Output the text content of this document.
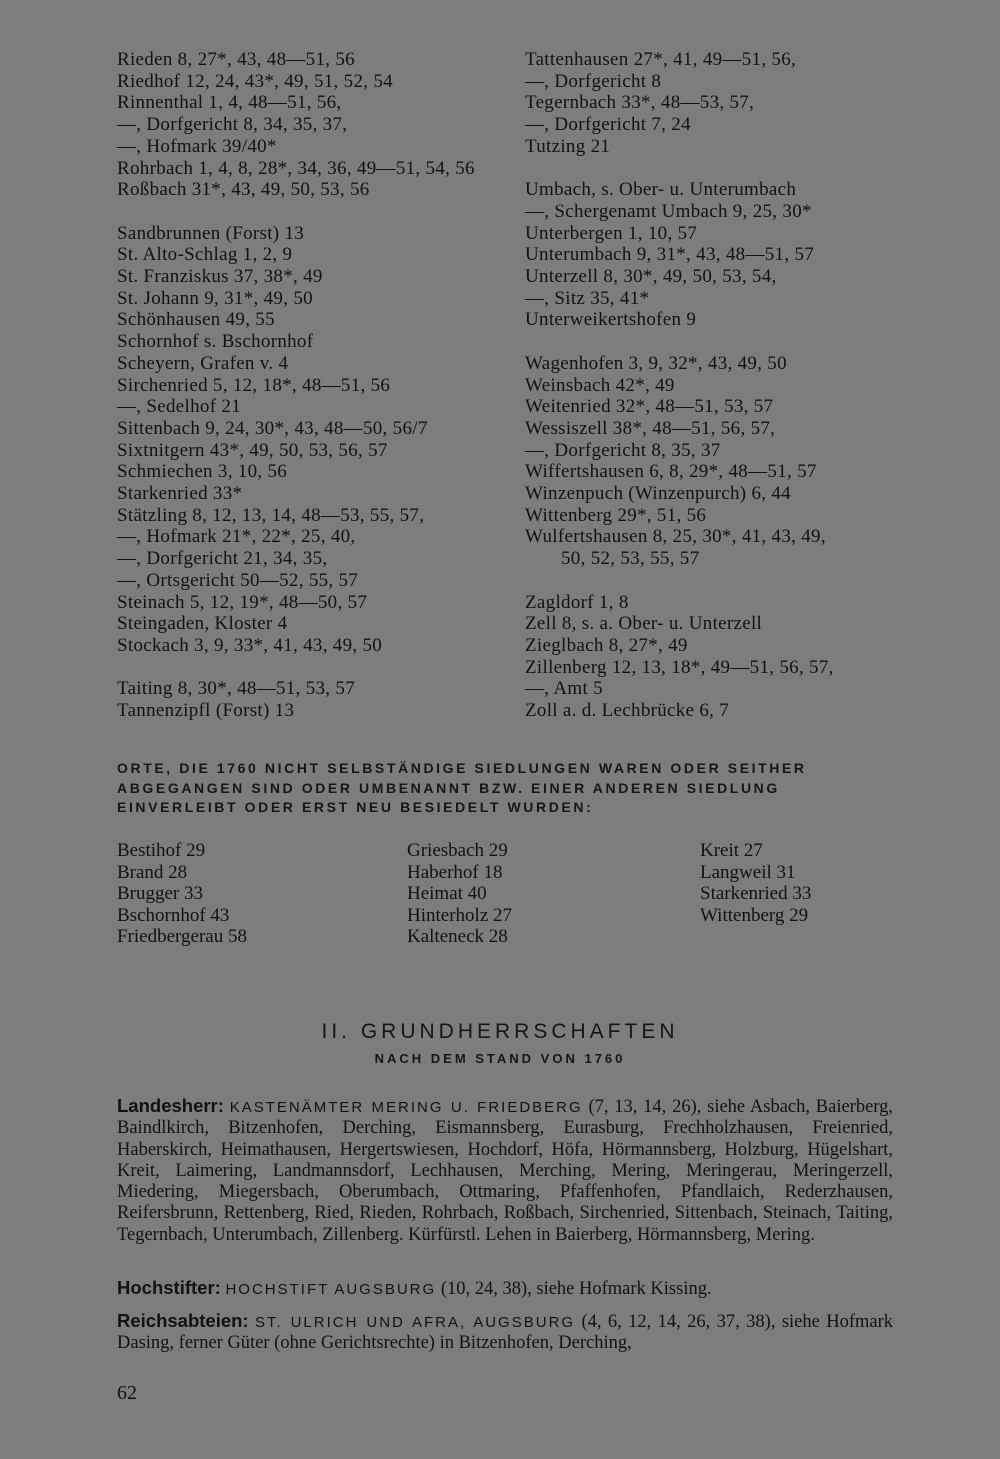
Rieden 8, 27*, 43, 48—51, 56
Riedhof 12, 24, 43*, 49, 51, 52, 54
Rinnenthal 1, 4, 48—51, 56,
—, Dorfgericht 8, 34, 35, 37,
—, Hofmark 39/40*
Rohrbach 1, 4, 8, 28*, 34, 36, 49—51, 54, 56
Roßbach 31*, 43, 49, 50, 53, 56
Sandbrunnen (Forst) 13
St. Alto-Schlag 1, 2, 9
St. Franziskus 37, 38*, 49
St. Johann 9, 31*, 49, 50
Schönhausen 49, 55
Schornhof s. Bschornhof
Scheyern, Grafen v. 4
Sirchenried 5, 12, 18*, 48—51, 56
—, Sedelhof 21
Sittenbach 9, 24, 30*, 43, 48—50, 56/7
Sixtnitgern 43*, 49, 50, 53, 56, 57
Schmiechen 3, 10, 56
Starkenried 33*
Stätzling 8, 12, 13, 14, 48—53, 55, 57,
—, Hofmark 21*, 22*, 25, 40,
—, Dorfgericht 21, 34, 35,
—, Ortsgericht 50—52, 55, 57
Steinach 5, 12, 19*, 48—50, 57
Steingaden, Kloster 4
Stockach 3, 9, 33*, 41, 43, 49, 50
Taiting 8, 30*, 48—51, 53, 57
Tannenzipfl (Forst) 13
Tattenhausen 27*, 41, 49—51, 56,
—, Dorfgericht 8
Tegernbach 33*, 48—53, 57,
—, Dorfgericht 7, 24
Tutzing 21
Umbach, s. Ober- u. Unterumbach
—, Schergenamt Umbach 9, 25, 30*
Unterbergen 1, 10, 57
Unterumbach 9, 31*, 43, 48—51, 57
Unterzell 8, 30*, 49, 50, 53, 54,
—, Sitz 35, 41*
Unterweikertshofen 9
Wagenhofen 3, 9, 32*, 43, 49, 50
Weinsbach 42*, 49
Weitenried 32*, 48—51, 53, 57
Wessiszell 38*, 48—51, 56, 57,
—, Dorfgericht 8, 35, 37
Wiffertshausen 6, 8, 29*, 48—51, 57
Winzenpuch (Winzenpurch) 6, 44
Wittenberg 29*, 51, 56
Wulfertshausen 8, 25, 30*, 41, 43, 49,
50, 52, 53, 55, 57
Zagldorf 1, 8
Zell 8, s. a. Ober- u. Unterzell
Zieglbach 8, 27*, 49
Zillenberg 12, 13, 18*, 49—51, 56, 57,
—, Amt 5
Zoll a. d. Lechbrücke 6, 7
ORTE, DIE 1760 NICHT SELBSTÄNDIGE SIEDLUNGEN WAREN ODER SEITHER ABGEGANGEN SIND ODER UMBENANNT BZW. EINER ANDEREN SIEDLUNG EINVERLEIBT ODER ERST NEU BESIEDELT WURDEN:
Bestihof 29
Brand 28
Brugger 33
Bschornhof 43
Friedbergerau 58
Griesbach 29
Haberhof 18
Heimat 40
Hinterholz 27
Kalteneck 28
Kreit 27
Langweil 31
Starkenried 33
Wittenberg 29
II. GRUNDHERRSCHAFTEN
NACH DEM STAND VON 1760

Landesherr: KASTENÄMTER MERING U. FRIEDBERG (7, 13, 14, 26), siehe Asbach, Baierberg, Baindlkirch, Bitzenhofen, Derching, Eismannsberg, Eurasburg, Frechholzhausen, Freienried, Haberskirch, Heimathausen, Hergertswiesen, Hochdorf, Höfa, Hörmannsberg, Holzburg, Hügelshart, Kreit, Laimering, Landmannsdorf, Lechhausen, Merching, Mering, Meringerau, Meringerzell, Miedering, Miegersbach, Oberumbach, Ottmaring, Pfaffenhofen, Pfandlaich, Rederzhausen, Reifersbrunn, Rettenberg, Ried, Rieden, Rohrbach, Roßbach, Sirchenried, Sittenbach, Steinach, Taiting, Tegernbach, Unterumbach, Zillenberg. Kürfürstl. Lehen in Baierberg, Hörmannsberg, Mering.

Hochstifter: HOCHSTIFT AUGSBURG (10, 24, 38), siehe Hofmark Kissing.

Reichsabteien: ST. ULRICH UND AFRA, AUGSBURG (4, 6, 12, 14, 26, 37, 38), siehe Hofmark Dasing, ferner Güter (ohne Gerichtsrechte) in Bitzenhofen, Derching,

62
